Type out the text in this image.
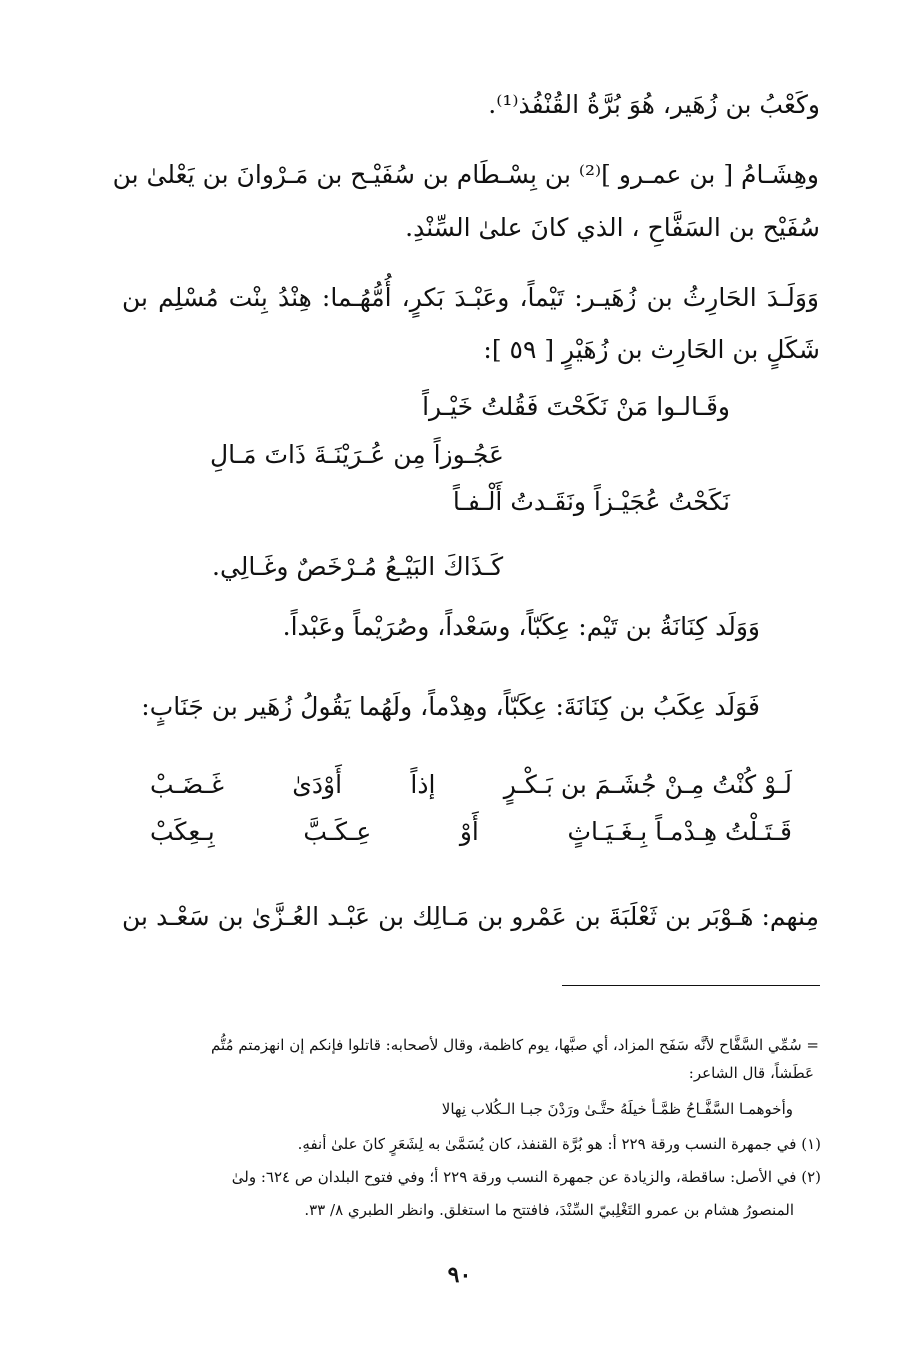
وكَعْبُ بن زُهَير، هُوَ بُرَّةُ القُنْفُذ⁽¹⁾.
وهِشَـامُ [ بن عمـرو ]⁽²⁾ بن بِسْـطَام بن سُفَيْـح بن مَـرْوانَ بن يَعْلىٰ بن
سُفَيْح بن السَفَّاحِ ، الذي كانَ علىٰ السِّنْدِ.
وَوَلَـدَ الحَارِثُ بن زُهَيـر: تَيْماً، وعَبْـدَ بَكرٍ، أُمُّهُـما: هِنْدُ بِنْت مُسْلِم بن
شَكَلٍ بن الحَارِث بن زُهَيْرٍ [ ٥٩ ]:
وقَـالـوا مَنْ نَكَحْتَ فَقُلتُ خَيْـراً
عَجُـوزاً مِن عُـرَيْنَـةَ ذَاتَ مَـالِ
نَكَحْتُ عُجَيْـزاً ونَقَـدتُ أَلْـفـاً
كَـذَاكَ البَيْـعُ مُـرْخَصٌ وغَـالِي.
وَوَلَد كِنَانَةُ بن تَيْم: عِكَبّاً، وسَعْداً، وصُرَيْماً وعَبْداً.
فَوَلَد عِكَبُ بن كِنَانَةَ: عِكَبّاً، وهِدْماً، ولَهُما يَقُولُ زُهَير بن جَنَابٍ:
لَـوْ كُنْتُ مِـنْ جُشَـمَ بن بَـكْـرٍ
إذاً
أَوْدَىٰ
غَـضَـبْ
قَـتَـلْتُ هِـدْمـاً بِـغَـيَـاثٍ
أَوْ
عِـكَـبَّ
بِـعِكَبْ
مِنهم: هَـوْبَر بن ثَعْلَبَةَ بن عَمْرو بن مَـالِك بن عَبْـد العُـزَّىٰ بن سَعْـد بن
= سُمِّي السَّفَّاح لأنَّه سَفَح المزاد، أي صبَّها، يوم كاظمة، وقال لأصحابه: قاتلوا فإنكم إن انهزمتم مُتُّم
عَطَشاً، قال الشاعر:
وأخوهمـا السَّفَّـاحُ ظمَّـأ خيلَهُ حتَّـىٰ ورَدْنَ جبـا الـكُلاب نِهالا
(١) في جمهرة النسب ورقة ٢٢٩ أ: هو بُرَّة القنفذ، كان يُسَمَّىٰ به لِشَعَرٍ كانَ علىٰ أنفهِ.
(٢) في الأصل: ساقطة، والزيادة عن جمهرة النسب ورقة ٢٢٩ أ؛ وفي فتوح البلدان ص ٦٢٤: ولىٰ
المنصورُ هشام بن عمرو التَغْلِبيّ السِّنْدَ، فافتتح ما استغلق. وانظر الطبري ٨/ ٣٣.
٩٠
